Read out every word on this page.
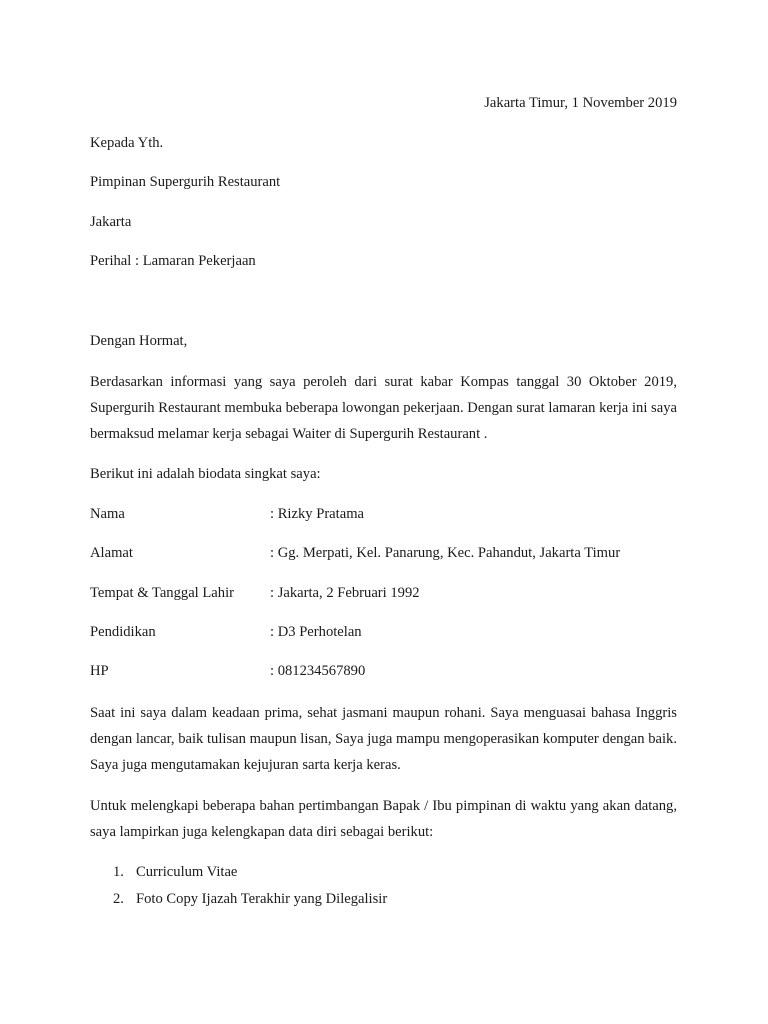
Jakarta Timur, 1 November 2019
Kepada Yth.
Pimpinan Supergurih Restaurant
Jakarta
Perihal : Lamaran Pekerjaan
Dengan Hormat,
Berdasarkan informasi yang saya peroleh dari surat kabar Kompas tanggal 30 Oktober 2019, Supergurih Restaurant membuka beberapa lowongan pekerjaan. Dengan surat lamaran kerja ini saya bermaksud melamar kerja sebagai Waiter di Supergurih Restaurant .
Berikut ini adalah biodata singkat saya:
Nama	: Rizky Pratama
Alamat	: Gg. Merpati, Kel. Panarung, Kec. Pahandut, Jakarta Timur
Tempat & Tanggal Lahir : Jakarta, 2 Februari 1992
Pendidikan	: D3 Perhotelan
HP	: 081234567890
Saat ini saya dalam keadaan prima, sehat jasmani maupun rohani. Saya menguasai bahasa Inggris dengan lancar, baik tulisan maupun lisan, Saya juga mampu mengoperasikan komputer dengan baik. Saya juga mengutamakan kejujuran sarta kerja keras.
Untuk melengkapi beberapa bahan pertimbangan Bapak / Ibu pimpinan di waktu yang akan datang, saya lampirkan juga kelengkapan data diri sebagai berikut:
1. Curriculum Vitae
2. Foto Copy Ijazah Terakhir yang Dilegalisir
